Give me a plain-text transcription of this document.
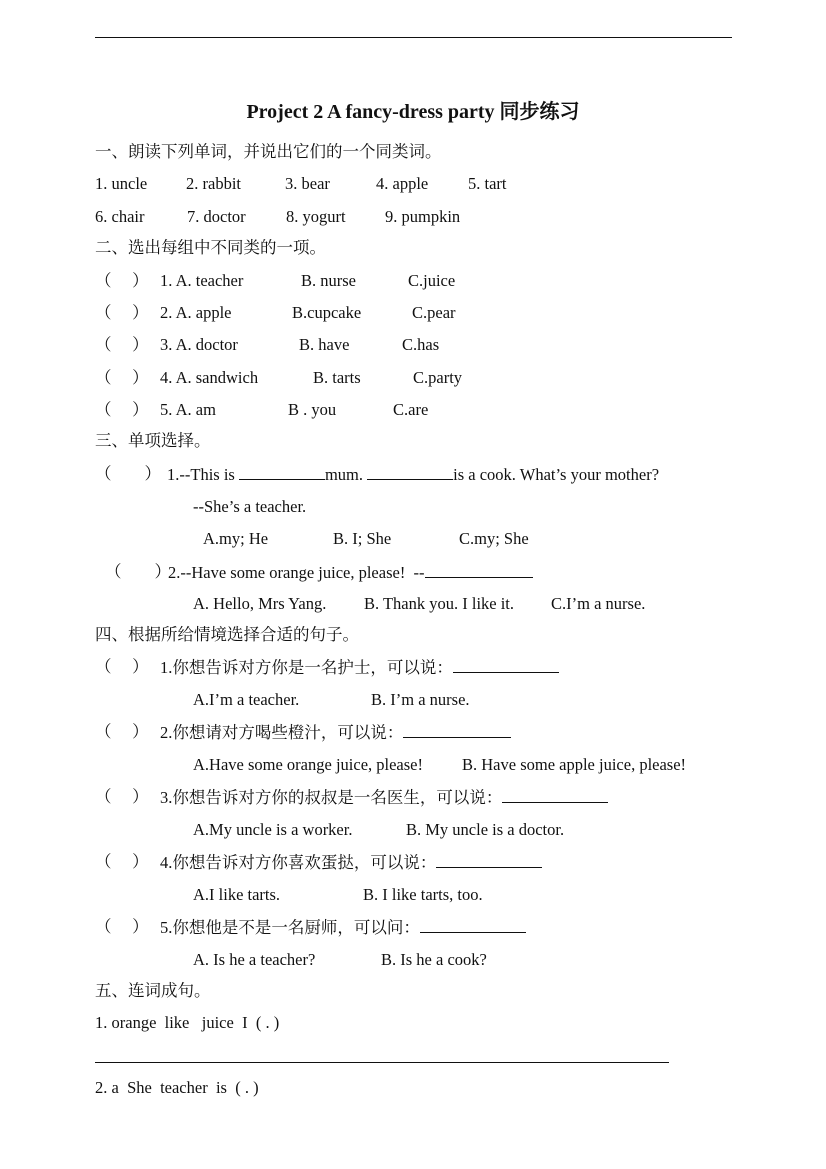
Project 2 A fancy-dress party 同步练习
一、朗读下列单词，并说出它们的一个同类词。
1. uncle 2. rabbit	3. bear	4. apple 5. tart
6. chair	7. doctor 8. yogurt 9. pumpkin
二、选出每组中不同类的一项。
（　 ） 1. A. teacher	B. nurse	C.juice
（　 ） 2. A. apple	B.cupcake	C.pear
（　 ） 3. A. doctor	B. have	C.has
（　 ） 4. A. sandwich	B. tarts	C.party
（　 ） 5. A. am	B . you	C.are
三、单项选择。
（　　） 1.--This is	mum.	is a cook. What’s your mother?
--She’s a teacher.
A.my; He	B. I; She	C.my; She
（　　）
2.--Have some orange juice, please!  --
A. Hello, Mrs Yang. B. Thank you. I like it. C.I’m a nurse.
四、根据所给情境选择合适的句子。
（　 ） 1.你想告诉对方你是一名护士，可以说：
A.I’m a teacher.	B. I’m a nurse.
（　 ） 2.你想请对方喝些橙汁，可以说：
A.Have some orange juice, please! B. Have some apple juice, please!
（　 ） 3.你想告诉对方你的叔叔是一名医生，可以说：
A.My uncle is a worker.	B. My uncle is a doctor.
（　 ） 4.你想告诉对方你喜欢蛋挞，可以说：
A.I like tarts.	B. I like tarts, too.
（　 ） 5.你想他是不是一名厨师，可以问：
A. Is he a teacher?	B. Is he a cook?
五、连词成句。
1. orange  like   juice  I  ( . )
2. a  She  teacher  is  ( . )
